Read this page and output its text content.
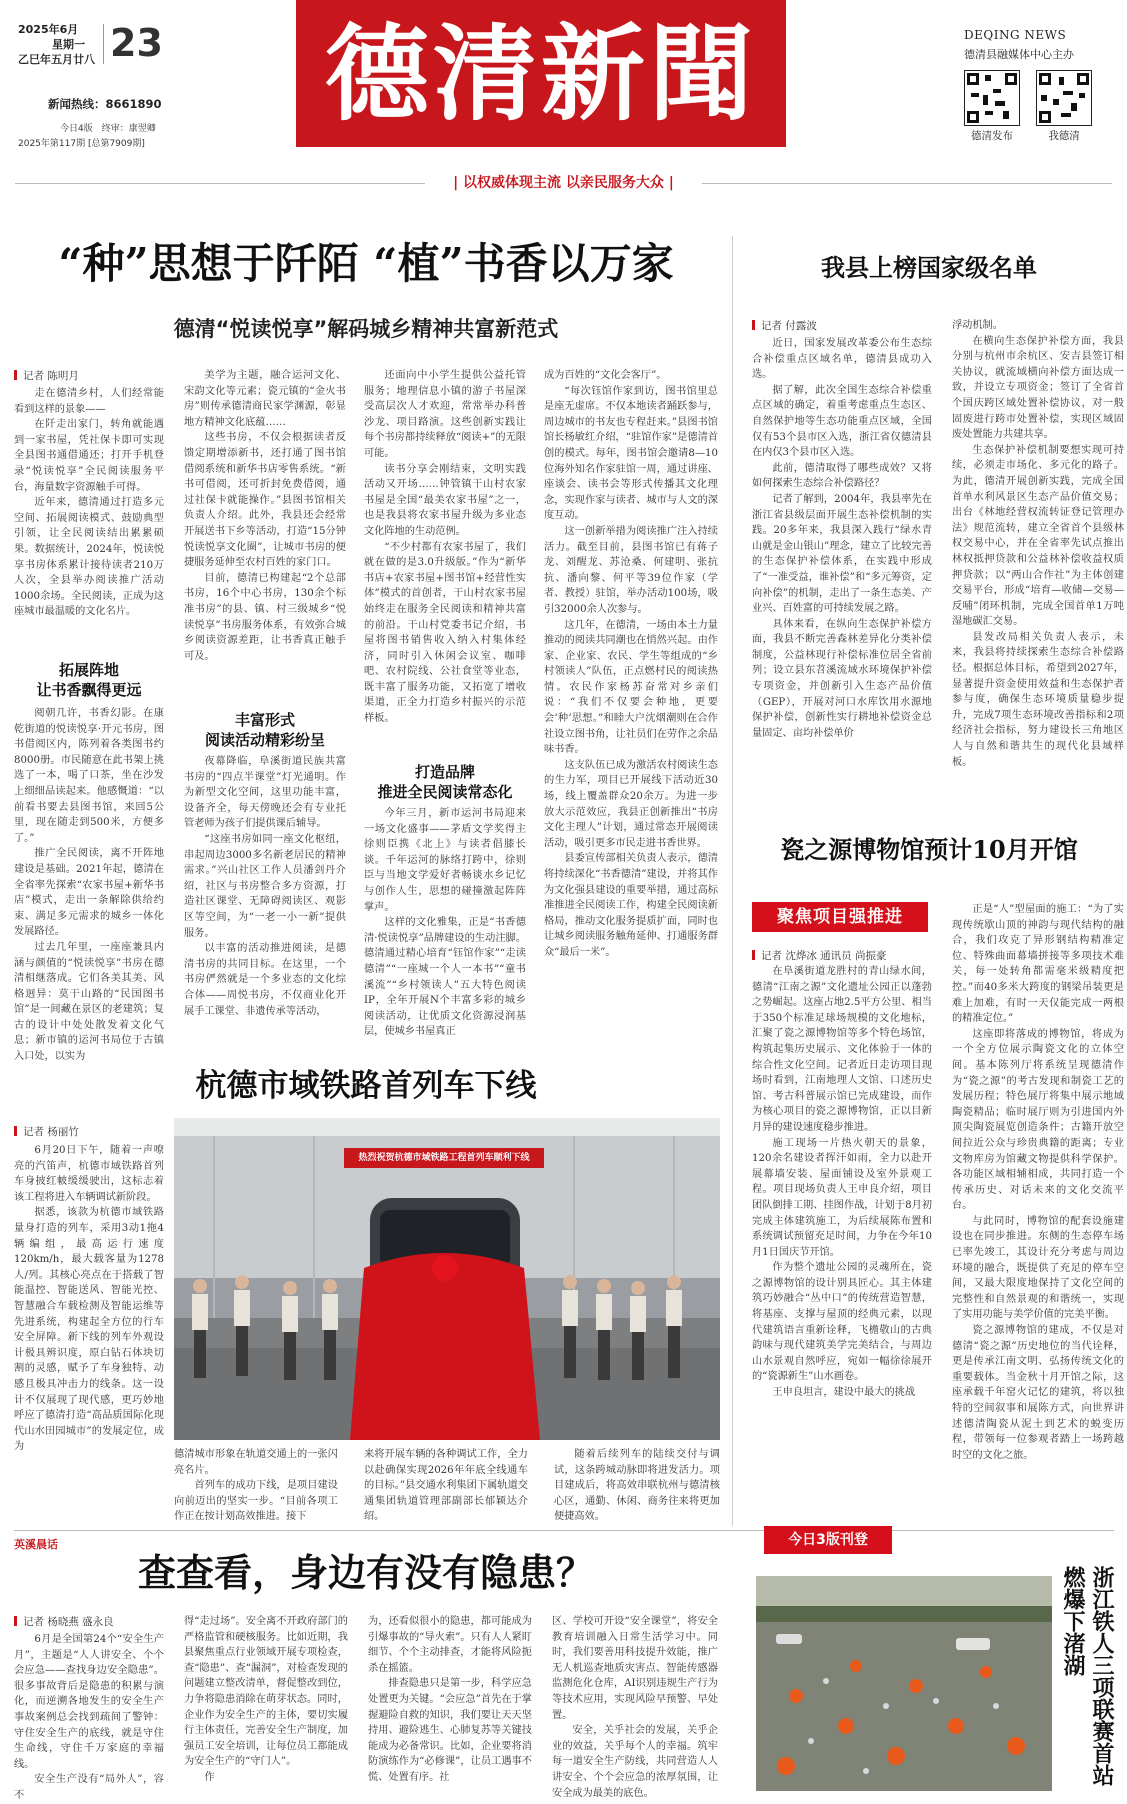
2025年6月
星期一
乙巳年五月廿八 23
新闻热线：8661890
今日4版　终审：康翌卿
2025年第117期 [总第7909期]
德清新聞	DEQING NEWS
德清县融媒体中心主办
德清发布	我德清
| 以权威体现主流 以亲民服务大众 |
“种”思想于阡陌 “植”书香以万家
德清“悦读悦享”解码城乡精神共富新范式
记者 陈明月

走在德清乡村，人们经常能看到这样的景象——

在阡走出家门，转角就能遇到一家书屋，凭社保卡即可实现全县图书通借通还；打开手机登录“悦读悦享”全民阅读服务平台，海量数字资源触手可得。

近年来，德清通过打造多元空间、拓展阅读模式、鼓励典型引领，让全民阅读结出累累硕果。数据统计，2024年，悦读悦享书房体系累计接待读者210万人次，全县举办阅读推广活动1000余场。全民阅读，正成为这座城市最温暖的文化名片。

拓展阵地
让书香飘得更远

阅朝几许，书香幻影。在康乾街道的悦读悦享·开元书房，图书借阅区内，陈列着各类图书约8000册。市民随意在此书架上挑选了一本，喝了口茶，坐在沙发上细细品读起来。他感慨道：“以前看书要去县图书馆，来回5公里，现在随走到500米，方便多了。”

推广全民阅读，离不开阵地建设是基础。2021年起，德清在全省率先探索“农家书屋+新华书店”模式，走出一条解除供给约束、满足多元需求的城乡一体化发展路径。

过去几年里，一座座兼具内涵与颜值的“悦读悦享”书房在德清相继落成。它们各美其美、风格迥异：莫干山路的“民国图书馆”是一间藏在景区的老建筑；复古的设计中处处散发着文化气息；新市镇的运河书局位于古镇入口处，以实为

美学为主题，融合运河文化、宋韵文化等元素；瓷元镇的“金火书房”则传承德清商民家学渊源，彰显地方精神文化底蕴……

这些书房，不仅会根据读者反馈定期增添新书，还打通了图书馆借阅系统和新华书店零售系统。“新书可借阅，还可折封免费借阅，通过社保卡就能操作。”县图书馆相关负责人介绍。此外，我县还会经常开展送书下乡等活动，打造“15分钟悦读悦享文化圈”，让城市书房的便捷服务延伸至农村百姓的家门口。

目前，德清已构建起“2个总部书房，16个中心书房，130余个标准书房”的县、镇、村三级城乡“悦读悦享”书房服务体系，有效弥合城乡阅读资源差距，让书香真正触手可及。

丰富形式
阅读活动精彩纷呈

夜幕降临，阜溪街道民族共富书房的“四点半课堂”灯光通明。作为新型文化空间，这里功能丰富，设备齐全，每天傍晚还会有专业托管老师为孩子们提供课后辅导。

“这座书房如同一座文化枢纽，串起周边3000多名新老居民的精神需求。”兴山社区工作人员潘剑丹介绍，社区与书房整合多方资源，打造社区课堂、无障碍阅读区、观影区等空间，为“一老一小一新”提供服务。

以丰富的活动推进阅读，是德清书房的共同目标。在这里，一个书房俨然就是一个多业态的文化综合体——周悦书房，不仅商业化开展手工课堂、非遗传承等活动，

还面向中小学生提供公益托管服务；地理信息小镇的游子书屋深受高层次人才欢迎，常常举办科普沙龙、项目路演。这些创新实践让每个书房都持续释放“阅读+”的无限可能。

读书分享会刚结束，文明实践活动又开场……钟管镇干山村农家书屋是全国“最美农家书屋”之一，也是我县将农家书屋升级为多业态文化阵地的生动范例。

“不少村都有农家书屋了，我们就在做的是3.0升级版。”作为“新华书店+农家书屋+图书馆+经营性实体”模式的首创者，干山村农家书屋始终走在服务全民阅读和精神共富的前沿。干山村党委书记介绍，书屋将图书销售收入纳入村集体经济，同时引入休闲会议室、咖啡吧、农村院线、公社食堂等业态，既丰富了服务功能，又拓宽了增收渠道，正全力打造乡村振兴的示范样板。

打造品牌
推进全民阅读常态化

今年三月，新市运河书局迎来一场文化盛事——茅盾文学奖得主徐则臣携《北上》与读者倡膝长谈。千年运河的脉络打跨中，徐则臣与当地文学爱好者畅谈水乡记忆与创作人生，思想的碰撞激起阵阵掌声。

这样的文化雅集，正是“书香德清·悦读悦享”品牌建设的生动注脚。德清通过精心培育“钰馆作家”“走读德清”“一座城一个人一本书”“童书溪流”“乡村领读人”五大特色阅读IP，全年开展N个丰富多彩的城乡阅读活动，让优质文化资源浸润基层，使城乡书屋真正

成为百姓的“文化会客厅”。

“每次钰馆作家到访，图书馆里总是座无虚席。不仅本地读者踊跃参与，周边城市的书友也专程赶来。”县图书馆馆长杨敏红介绍，“驻馆作家”是德清首创的模式。每年，图书馆会邀请8—10位海外知名作家驻馆一周，通过讲座、座谈会、读书会等形式传播其文化理念，实现作家与读者、城市与人文的深度互动。

这一创新举措为阅读推广注入持续活力。截至目前，县图书馆已有蒋子龙、刘醒龙、苏沧桑、何建明、张抗抗、潘向黎、何平等39位作家（学者、教授）驻馆，举办活动100场，吸引32000余人次参与。

这几年，在德清，一场由本土力量推动的阅读共同潮也在悄然兴起。由作家、企业家、农民、学生等组成的“乡村领读人”队伍，正点燃村民的阅读热情。农民作家杨苏奋常对乡亲们说：“我们不仅要会种地，更要会‘种’思想。”和睦大户沈烟潮则在合作社设立图书角，让社员们在劳作之余品味书香。

这支队伍已成为激活农村阅读生态的生力军，项目已开展线下活动近30场，线上覆盖群众20余万。为进一步放大示范效应，我县正创新推出“书房文化主理人”计划，通过常态开展阅读活动，吸引更多市民走进书香世界。

县委宣传部相关负责人表示，德清将持续深化“书香德清”建设，并将其作为文化强县建设的重要举措，通过高标准推进全民阅读工作，构建全民阅读新格局，推动文化服务提质扩面，同时也让城乡阅读服务触角延伸、打通服务群众“最后一米”。

我县上榜国家级名单
记者 付露波

近日，国家发展改革委公布生态综合补偿重点区域名单，德清县成功入选。

据了解，此次全国生态综合补偿重点区域的确定，着重考虑重点生态区、自然保护地等生态功能重点区域，全国仅有53个县市区入选，浙江省仅德清县在内仅3个县市区入选。

此前，德清取得了哪些成效？又将如何探索生态综合补偿路径？

记者了解到，2004年，我县率先在浙江省县级层面开展生态补偿机制的实践。20多年来，我县深入践行“绿水青山就是金山银山”理念，建立了比较完善的生态保护补偿体系，在实践中形成了“一准受益，谁补偿”和“多元筹资，定向补偿”的机制，走出了一条生态美、产业兴、百姓富的可持续发展之路。

具体来看，在纵向生态保护补偿方面，我县不断完善森林差异化分类补偿制度，公益林现行补偿标准位居全省前列；设立县东苕溪流域水环境保护补偿专项资金，并创新引入生态产品价值（GEP），开展对河口水库饮用水源地保护补偿，创新性实行耕地补偿资金总量固定、亩均补偿单价

浮动机制。

在横向生态保护补偿方面，我县分别与杭州市余杭区、安吉县签订相关协议，就流域横向补偿方面达成一致，并设立专项资金；签订了全省首个国庆跨区域处置补偿协议，对一般固废进行跨市处置补偿，实现区域固废处置能力共建共享。

生态保护补偿机制要想实现可持续，必须走市场化、多元化的路子。为此，德清开展创新实践，完成全国首单水利风景区生态产品价值交易；出台《林地经营权流转证登记管理办法》规范流转，建立全省首个县级林权交易中心，并在全省率先试点推出林权抵押贷款和公益林补偿收益权质押贷款；以“两山合作社”为主体创建交易平台，形成“培育—收储—交易—反哺”闭环机制，完成全国首单1万吨湿地碳汇交易。

县发改局相关负责人表示，未来，我县将持续探索生态综合补偿路径。根据总体目标，希望到2027年，显著提升资金使用效益和生态保护者参与度，确保生态环境质量稳步提升，完成7项生态环境改善指标和2项经济社会指标，努力建设长三角地区人与自然和谐共生的现代化县域样板。

瓷之源博物馆预计10月开馆
聚焦项目强推进
记者 沈烨冰 通讯员 尚振豪

在阜溪街道龙胜村的青山绿水间，德清“江南之源”文化遗址公园正以蓬勃之势崛起。这座占地2.5平方公里、相当于350个标准足球场规模的文化地标，汇聚了瓷之源博物馆等多个特色场馆，构筑起集历史展示、文化体验于一体的综合性文化空间。记者近日走访项目现场时看到，江南地理人文馆、口述历史馆、考古科普展示馆已完成建设，而作为核心项目的瓷之源博物馆，正以目新月异的建设速度稳步推进。

施工现场一片热火朝天的景象，120余名建设者挥汗如雨，全力以赴开展幕墙安装、屋面铺设及室外景观工程。项目现场负责人王申良介绍，项目团队倒排工期、挂图作战，计划于8月初完成主体建筑施工，为后续展陈布置和系统调试预留充足时间，力争在今年10月1日国庆节开馆。

作为整个遗址公园的灵魂所在，瓷之源博物馆的设计别具匠心。其主体建筑巧妙融合“丛中口”的传统营造智慧，将基座、支撑与屋顶的经典元素，以现代建筑语言重新诠释，飞檐敬山的古典韵味与现代建筑美学完美结合，与周边山水景观自然呼应，宛如一幅徐徐展开的“瓷源新生”山水画卷。

王申良坦言，建设中最大的挑战

正是“人”型屋面的施工：“为了实现传统歇山顶的神韵与现代结构的融合，我们攻克了异形钢结构精准定位、特殊曲面幕墙拼接等多项技术难关，每一处转角都需毫米级精度把控。”而40多米大跨度的钢梁吊装更是难上加难，有时一天仅能完成一两根的精准定位。”

这座即将落成的博物馆，将成为一个全方位展示陶瓷文化的立体空间。基本陈列厅将系统呈现德清作为“瓷之源”的考古发现和制瓷工艺的发展历程；特色展厅将集中展示地域陶瓷精品；临时展厅则为引进国内外顶尖陶瓷展览创造条件；古籍开放空间拉近公众与珍贵典籍的距离；专业文物库房为馆藏文物提供科学保护。各功能区域相辅相成，共同打造一个传承历史、对话未来的文化交流平台。

与此同时，博物馆的配套设施建设也在同步推进。东侧的生态停车场已率先竣工，其设计充分考虑与周边环境的融合，既提供了充足的停车空间，又最大限度地保持了文化空间的完整性和自然景观的和谐统一，实现了实用功能与美学价值的完美平衡。

瓷之源博物馆的建成，不仅是对德清“瓷之源”历史地位的当代诠释，更是传承江南文明、弘扬传统文化的重要载体。当金秋十月开馆之际，这座承载千年窑火记忆的建筑，将以独特的空间叙事和展陈方式，向世界讲述德清陶瓷从泥土到艺术的蜕变历程，带领每一位参观者踏上一场跨越时空的文化之旅。

杭德市域铁路首列车下线
记者 杨丽竹

6月20日下午，随着一声嘹亮的汽笛声，杭德市域铁路首列车身披红帔缓缓驶出，这标志着该工程将进入车辆调试新阶段。

据悉，该款为杭德市域铁路量身打造的列车，采用3动1拖4辆编组，最高运行速度120km/h，最大载客量为1278人/列。其核心亮点在于搭载了智能温控、智能送风、智能光控、智慧融合车载检测及智能运维等先进系统，构建起全方位的行车安全屏障。新下线的列车外观设计极具辨识度，原白钻石体块切割的灵感，赋予了车身独特、动感且极具冲击力的线条。这一设计不仅展现了现代感，更巧妙地呼应了德清打造“高品质国际化现代山水田园城市”的发展定位，成为

热烈祝贺杭德市域铁路工程首列车顺利下线

德清城市形象在轨道交通上的一张闪亮名片。

首列车的成功下线，是项目建设向前迈出的坚实一步。“目前各项工作正在按计划高效推进。接下

来将开展车辆的各种调试工作，全力以赴确保实现2026年年底全线通车的目标。”县交通水利集团下属轨道交通集团轨道管理部副部长郁颖达介绍。

随着后续列车的陆续交付与调试，这条跨城动脉即将进发活力。项目建成后，将高效串联杭州与德清核心区，通勤、休闲、商务往来将更加便捷高效。

英溪晨话
查查看，身边有没有隐患？
记者 杨晓燕 盛永良

6月是全国第24个“安全生产月”，主题是“人人讲安全、个个会应急——查找身边安全隐患”。很多事故背后是隐患的积累与演化，而逆溯各地发生的安全生产事故案例总会找到疏间了警钟：守住安全生产的底线，就是守住生命线，守住千万家庭的幸福线。

安全生产没有“局外人”，容不

得“走过场”。安全离不开政府部门的严格监管和硬核服务。比如近期，我县聚焦重点行业领域开展专项检查，查“隐患”、查“漏洞”，对检查发现的问题建立整改清单，督促整改到位，力争将隐患消除在萌芽状态。同时，企业作为安全生产的主体，要切实履行主体责任，完善安全生产制度，加强员工安全培训，让每位员工都能成为安全生产的“守门人”。

作

为，还看似很小的隐患，都可能成为引爆事故的“导火索”。只有人人紧盯细节、个个主动排查，才能将风险扼杀在摇篮。

排查隐患只是第一步，科学应急处置更为关键。“会应急”首先在于掌握避险自救的知识，我们要让天天坚持用、避险逃生、心肺复苏等关键技能成为必备常识。比如，企业要将消防演练作为“必修课”，让员工遇事不慌、处置有序。社

区、学校可开设“安全课堂”，将安全教育培训融入日常生活学习中。同时，我们要善用科技提升效能，推广无人机巡查地质灾害点、智能传感器监测危化仓库，AI识别违规生产行为等技术应用，实现风险早预警、早处置。

安全，关乎社会的发展，关乎企业的效益，关乎每个人的幸福。筑牢每一道安全生产防线，共同营造人人讲安全、个个会应急的浓厚氛围，让安全成为最美的底色。

今日3版刊登
浙江铁人三项联赛首站燃爆下渚湖
